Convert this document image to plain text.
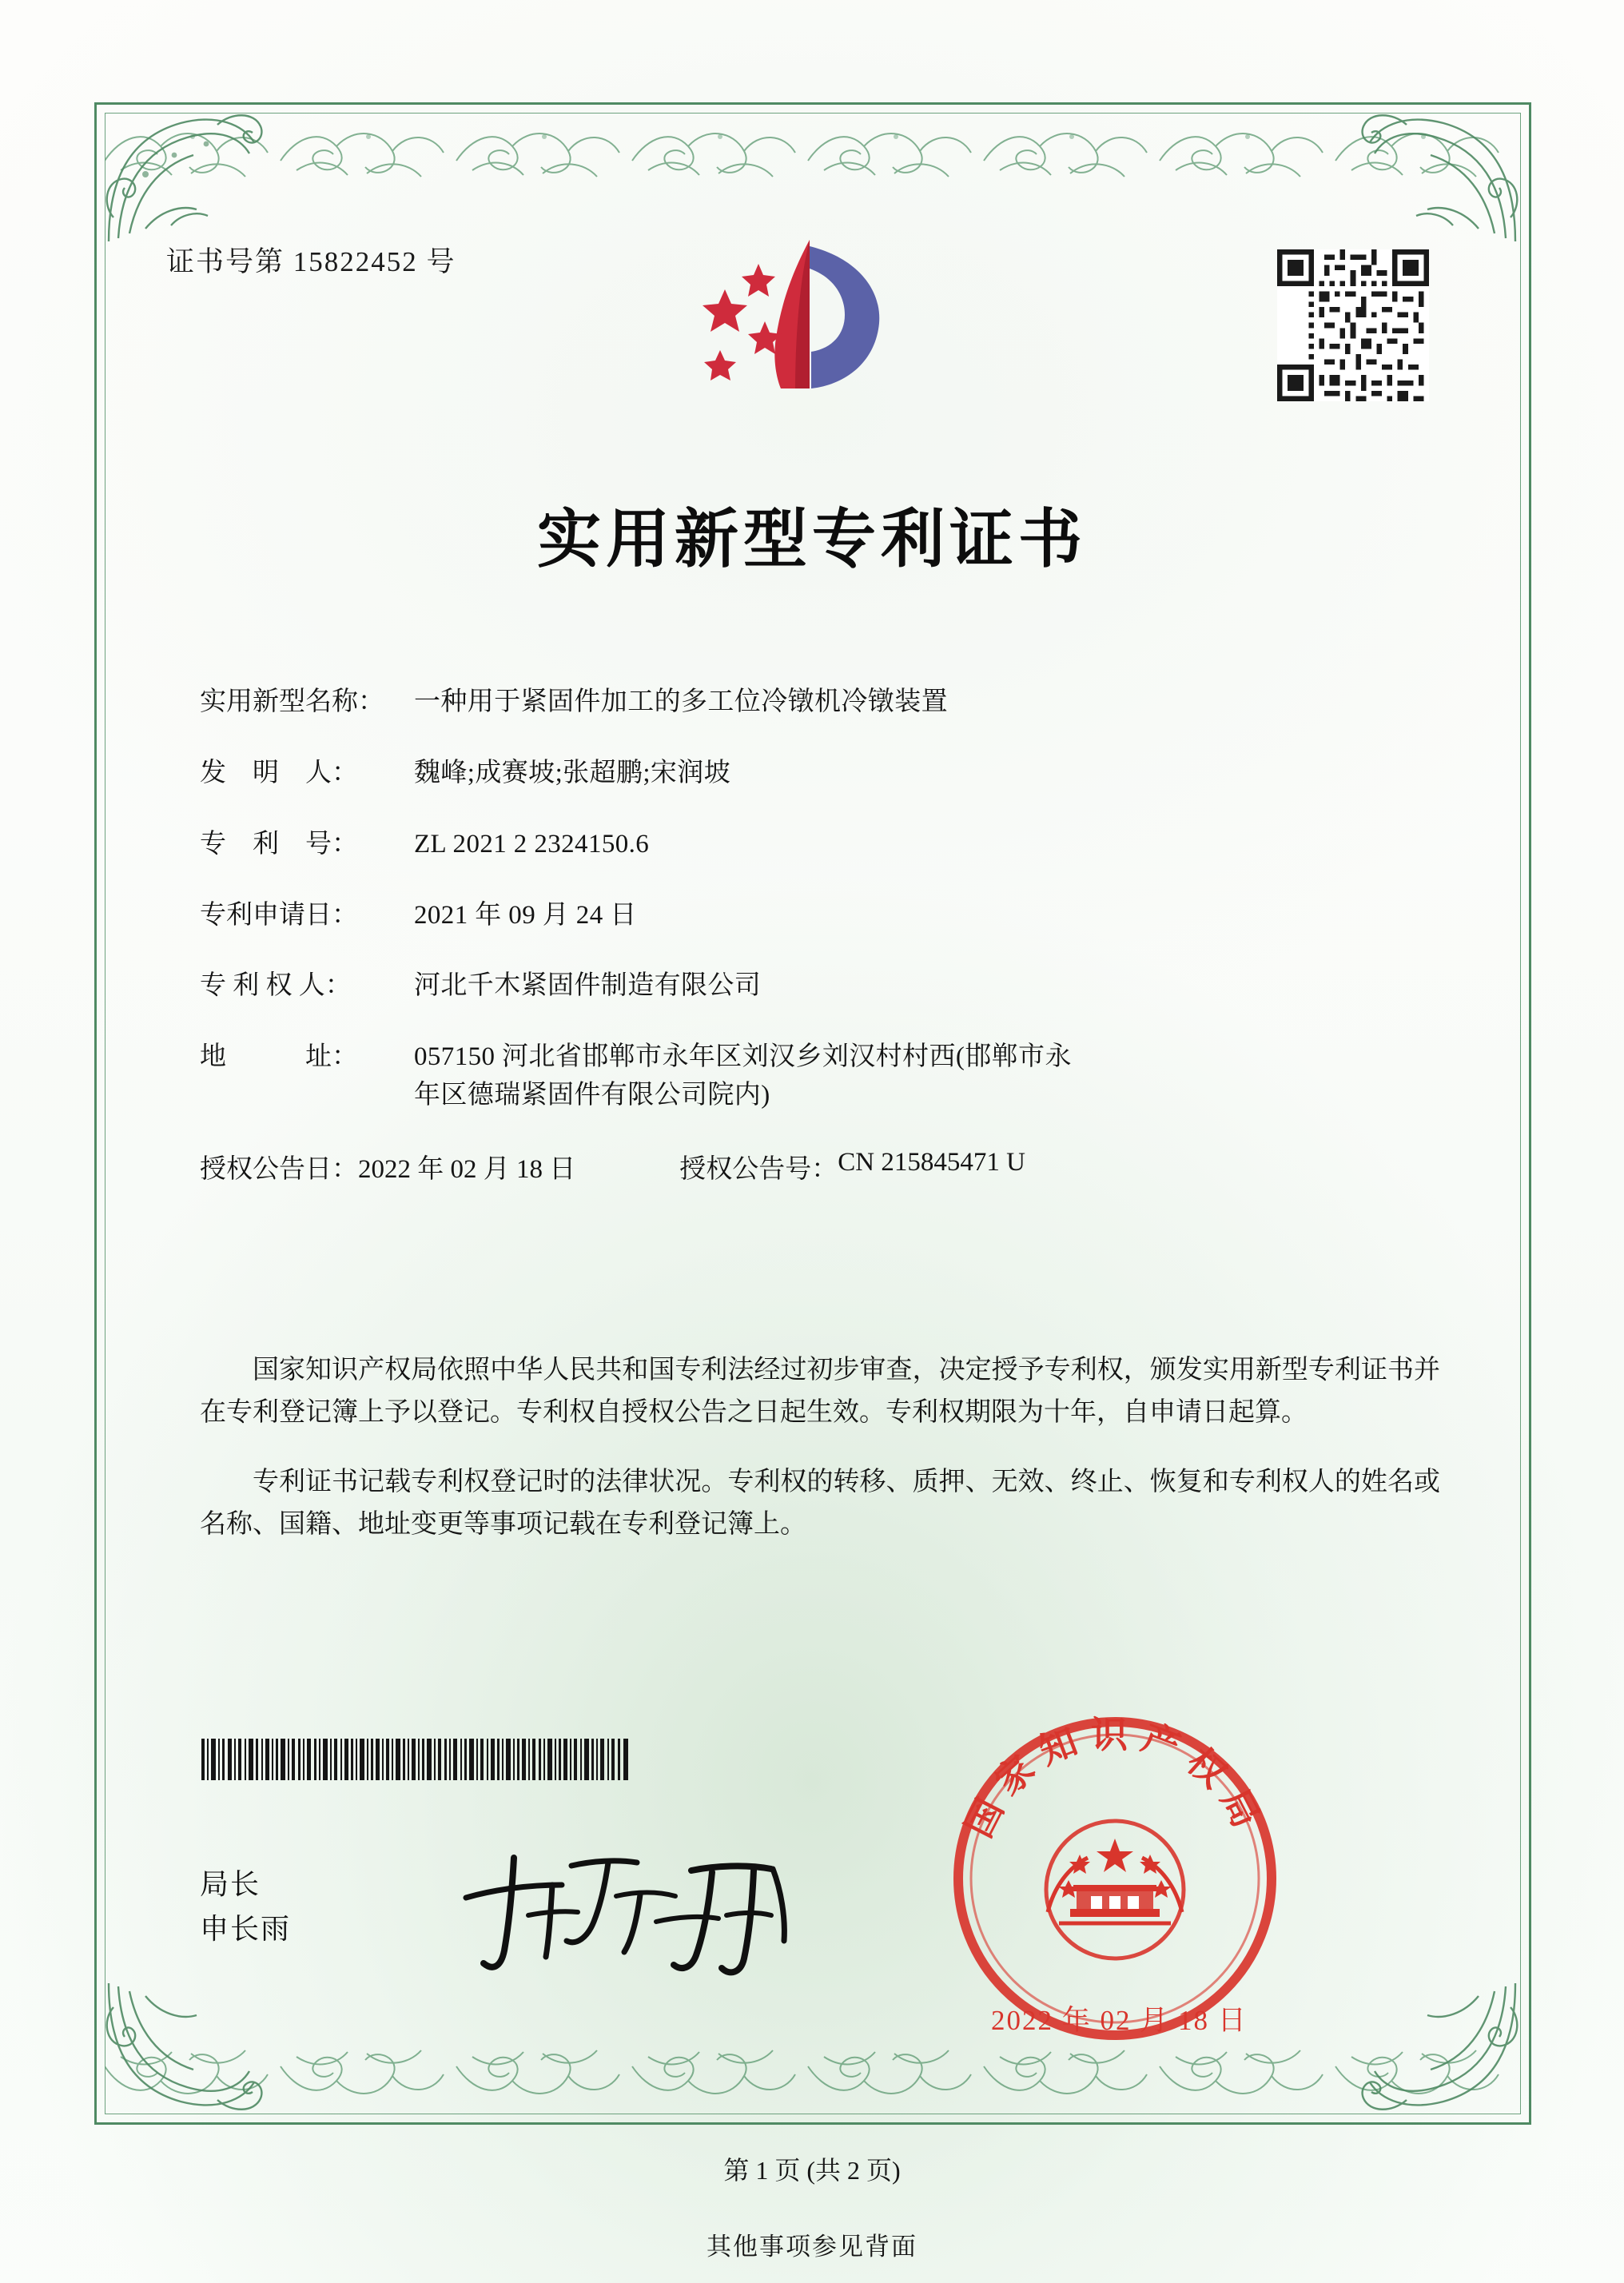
证书号第 15822452 号
实用新型专利证书
实用新型名称：	一种用于紧固件加工的多工位冷镦机冷镦装置
发　明　人：	魏峰;成赛坡;张超鹏;宋润坡
专　利　号：	ZL 2021 2 2324150.6
专利申请日：	2021 年 09 月 24 日
专 利 权 人：	河北千木紧固件制造有限公司
地　　　址：	057150 河北省邯郸市永年区刘汉乡刘汉村村西(邯郸市永
年区德瑞紧固件有限公司院内)
授权公告日： 2022 年 02 月 18 日	授权公告号： CN 215845471 U

国家知识产权局依照中华人民共和国专利法经过初步审查，决定授予专利权，颁发实用新型专利证书并在专利登记簿上予以登记。专利权自授权公告之日起生效。专利权期限为十年，自申请日起算。

专利证书记载专利权登记时的法律状况。专利权的转移、质押、无效、终止、恢复和专利权人的姓名或名称、国籍、地址变更等事项记载在专利登记簿上。

局长
申长雨
国家知识产权局
2022 年 02 月 18 日
第 1 页 (共 2 页)
其他事项参见背面
